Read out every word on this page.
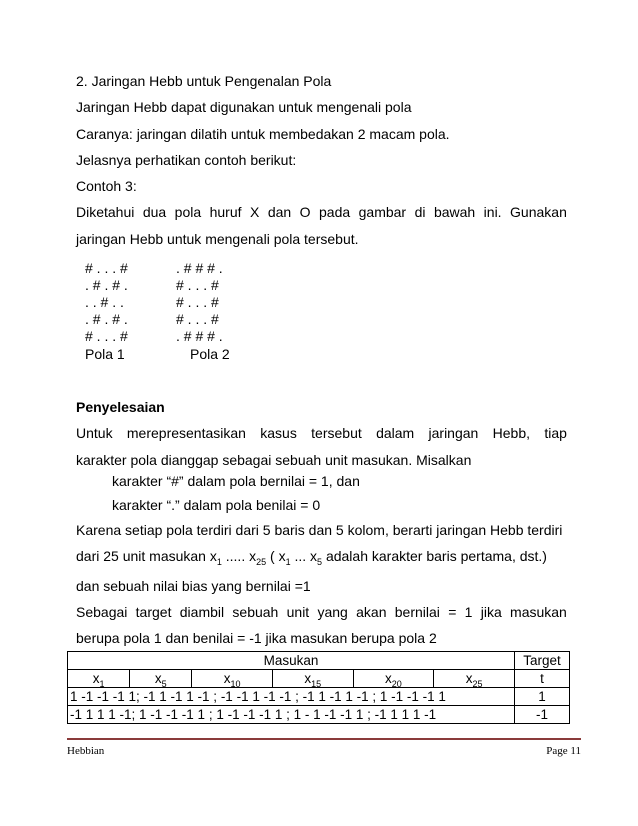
2. Jaringan Hebb untuk Pengenalan Pola
Jaringan Hebb dapat digunakan untuk mengenali pola
Caranya: jaringan dilatih untuk membedakan 2 macam pola.
Jelasnya perhatikan contoh berikut:
Contoh 3:
Diketahui dua pola huruf X dan O pada gambar di bawah ini. Gunakan
jaringan Hebb untuk mengenali pola tersebut.
# . . . #
. # . # .
. . # . .
. # . # .
# . . . #
Pola 1
. # # # .
# . . . #
# . . . #
# . . . #
. # # # .
Pola 2
Penyelesaian
Untuk merepresentasikan kasus tersebut dalam jaringan Hebb, tiap
karakter pola dianggap sebagai sebuah unit masukan. Misalkan
karakter “#” dalam pola bernilai = 1, dan
karakter “.” dalam pola benilai = 0
Karena setiap pola terdiri dari 5 baris dan 5 kolom, berarti jaringan Hebb terdiri
dari 25 unit masukan $x_1$ ..... $x_{25}$ ( $x_1$ ... $x_5$ adalah karakter baris pertama, dst.)
dan sebuah nilai bias yang bernilai =1
Sebagai target diambil sebuah unit yang akan bernilai = 1 jika masukan
berupa pola 1 dan benilai = -1 jika masukan berupa pola 2
Masukan						Target
$x_1$	$x_5$	$x_{10}$	$x_{15}$	$x_{20}$	$x_{25}$	t
1 -1 -1 -1 1; -1 1 -1 1 -1 ; -1 -1 1 -1 -1 ; -1 1 -1 1 -1 ; 1 -1 -1 -1 1						1
-1 1 1 1 -1; 1 -1 -1 -1 1 ; 1 -1 -1 -1 1 ; 1 - 1 -1 -1 1 ; -1 1 1 1 -1						-1
Hebbian	Page 11
